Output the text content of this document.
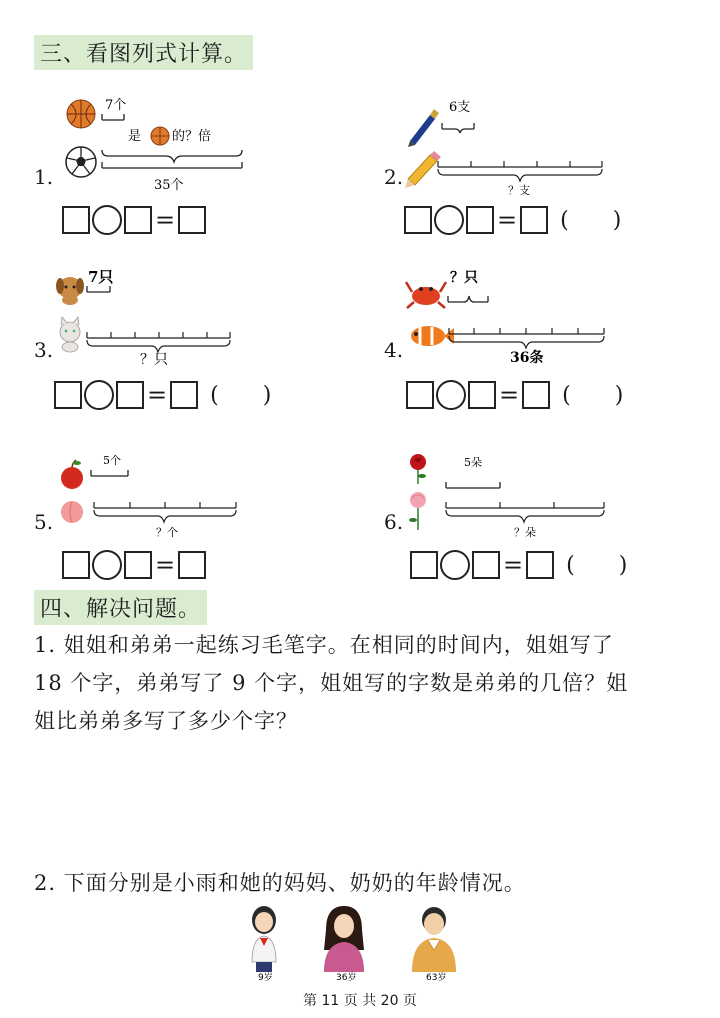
三、看图列式计算。
1.
7个
是 的？倍
35个
=
2.
6支
？支
= ( )
3.
7只
？只
= ( )
4.
？只
36条
= ( )
5.
5个
？个
=
6.
5朵
？朵
= ( )
四、解决问题。
1. 姐姐和弟弟一起练习毛笔字。在相同的时间内，姐姐写了
18 个字，弟弟写了 9 个字，姐姐写的字数是弟弟的几倍？姐
姐比弟弟多写了多少个字？
2. 下面分别是小雨和她的妈妈、奶奶的年龄情况。
9岁	36岁	63岁
第 11 页 共 20 页
